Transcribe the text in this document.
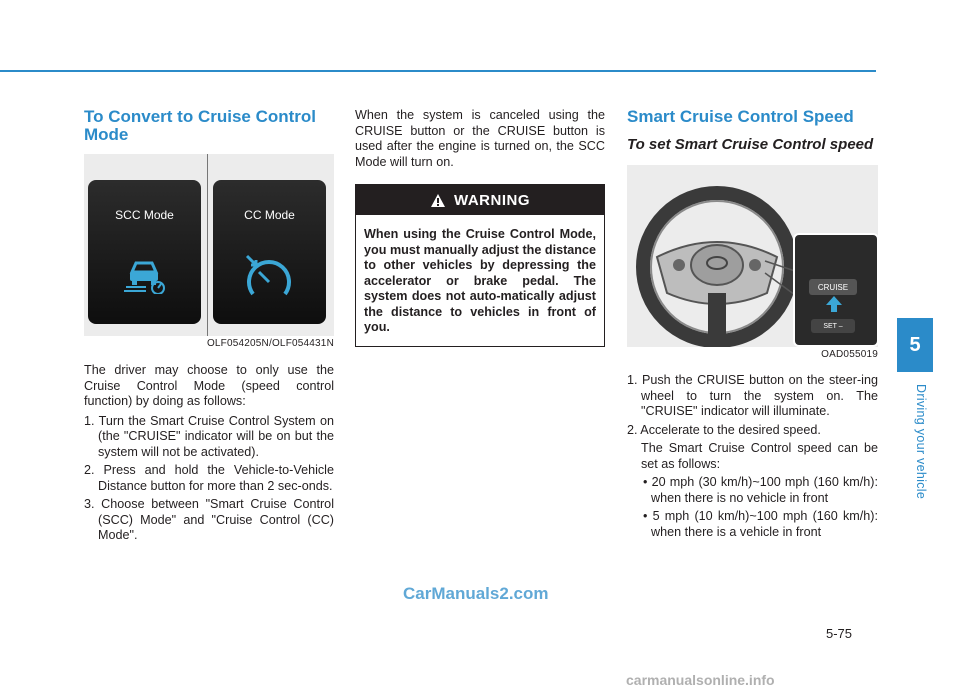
5
Driving your vehicle
To Convert to Cruise Control Mode
SCC Mode	CC Mode
OLF054205N/OLF054431N

The driver may choose to only use the Cruise Control Mode (speed control function) by doing as follows:

1. Turn the Smart Cruise Control System on (the "CRUISE" indicator will be on but the system will not be activated).
2. Press and hold the Vehicle-to-Vehicle Distance button for more than 2 sec-onds.
3. Choose between "Smart Cruise Control (SCC) Mode" and "Cruise Control (CC) Mode".

When the system is canceled using the CRUISE button or the CRUISE button is used after the engine is turned on, the SCC Mode will turn on.

WARNING
When using the Cruise Control Mode, you must manually adjust the distance to other vehicles by depressing the accelerator or brake pedal. The system does not auto-matically adjust the distance to vehicles in front of you.
Smart Cruise Control Speed
To set Smart Cruise Control speed
CRUISE
SET –
OAD055019
1. Push the CRUISE button on the steer-ing wheel to turn the system on. The "CRUISE" indicator will illuminate.
2. Accelerate to the desired speed.

The Smart Cruise Control speed can be set as follows:

• 20 mph (30 km/h)~100 mph (160 km/h): when there is no vehicle in front
• 5 mph (10 km/h)~100 mph (160 km/h): when there is a vehicle in front
CarManuals2.com
5-75
carmanualsonline.info
